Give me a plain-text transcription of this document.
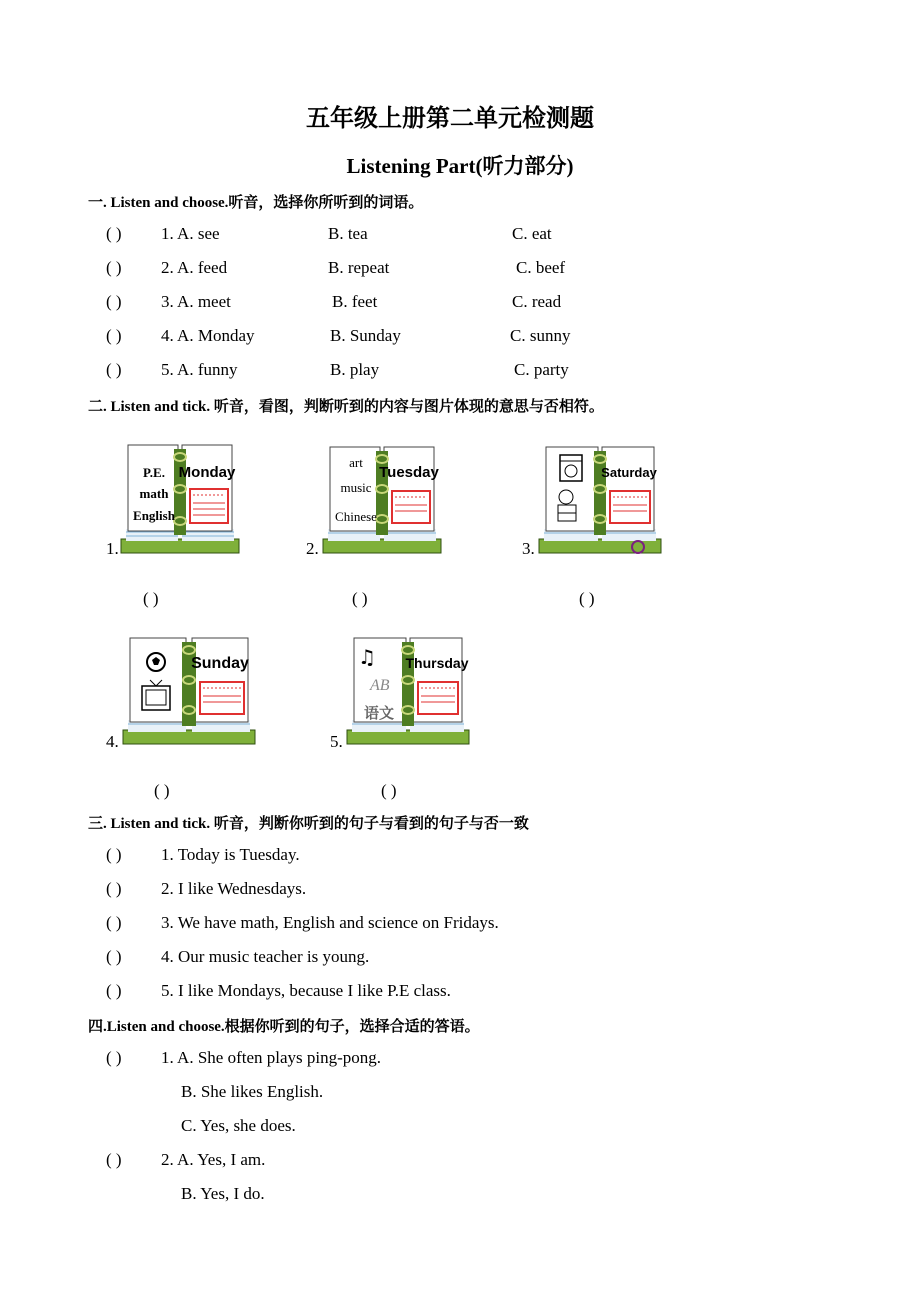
五年级上册第二单元检测题
Listening Part(听力部分)
一. Listen and choose.听音，选择你所听到的词语。
( ) 1. A. see	B. tea	C. eat
( ) 2. A. feed	B. repeat	C. beef
( ) 3. A. meet	B. feet	C. read
( ) 4. A. Monday	B. Sunday	C. sunny
( ) 5. A. funny	B. play	C. party
二. Listen and tick. 听音，看图，判断听到的内容与图片体现的意思与否相符。
1.
Monday
P.E.
math
English
( )
2.
Tuesday
art
music
Chinese
( )
3.
Saturday
( )
4.
Sunday
( )
5.
Thursday
♫
AB
语文
( )
三. Listen and tick. 听音，判断你听到的句子与看到的句子与否一致
( ) 1. Today is Tuesday.
( ) 2. I like Wednesdays.
( ) 3. We have math, English and science on Fridays.
( ) 4. Our music teacher is young.
( ) 5. I like Mondays, because I like P.E class.
四.Listen and choose.根据你听到的句子，选择合适的答语。
( ) 1. A. She often plays ping-pong.
B. She likes English.
C. Yes, she does.
( ) 2. A. Yes, I am.
B. Yes, I do.
